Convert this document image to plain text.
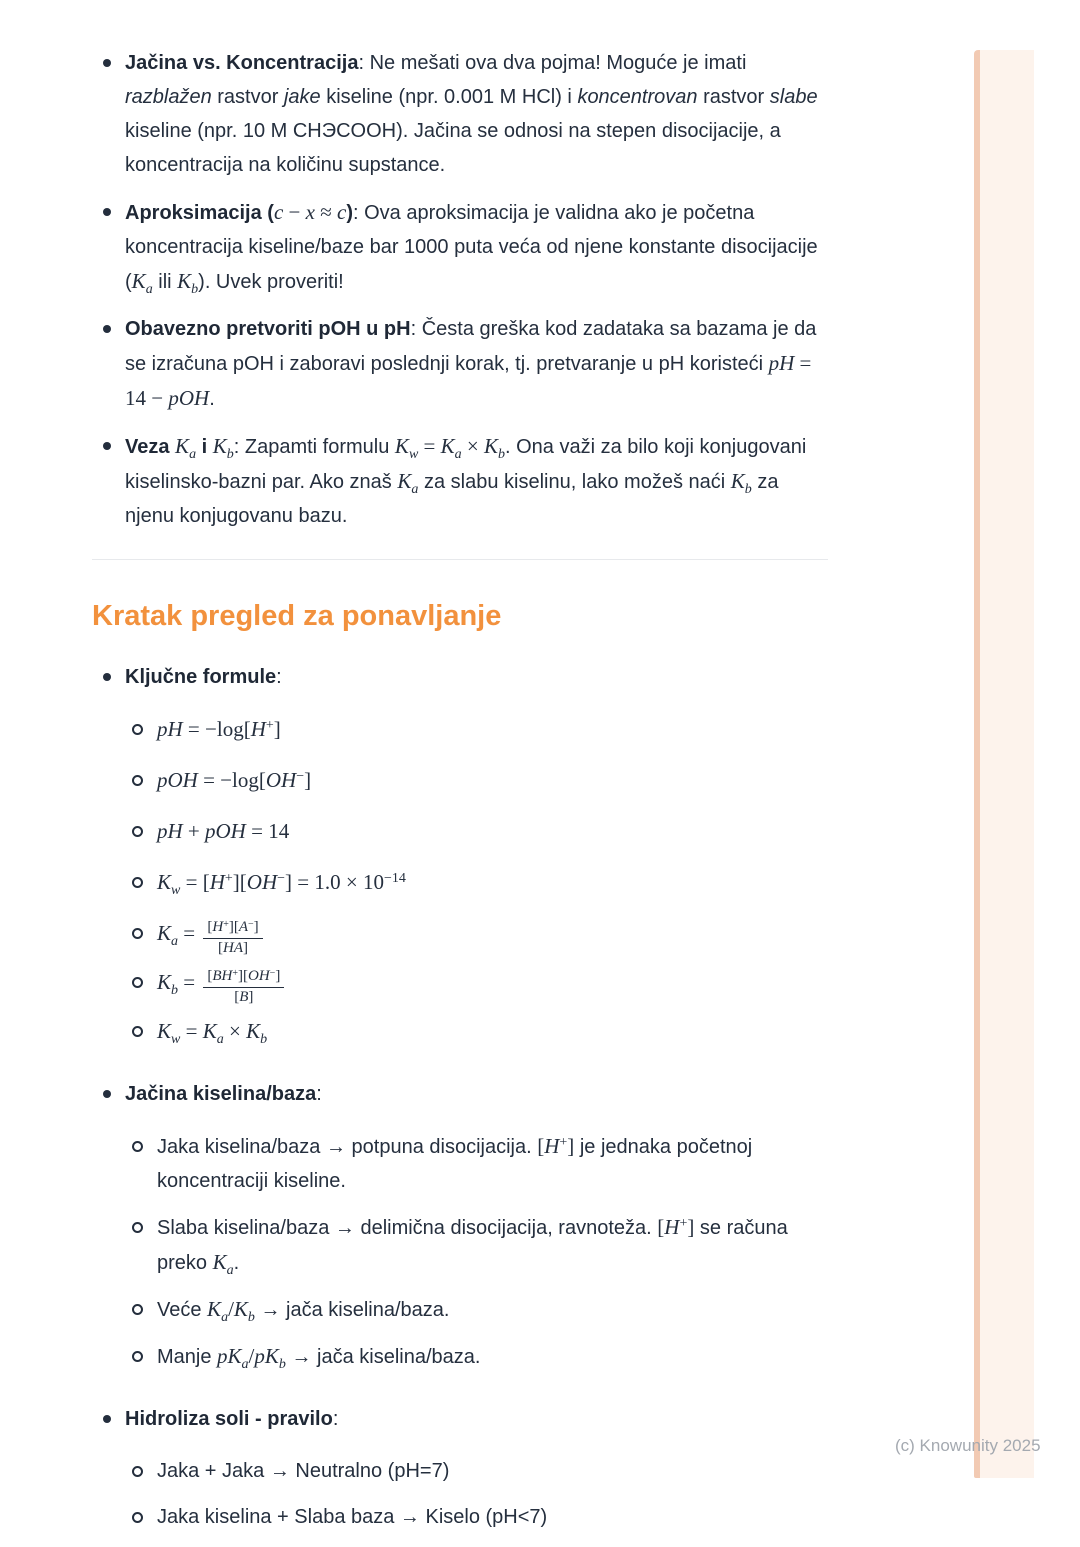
Jačina vs. Koncentracija: Ne mešati ova dva pojma! Moguće je imati razblažen rastvor jake kiseline (npr. 0.001 M HCl) i koncentrovan rastvor slabe kiseline (npr. 10 M CHЭCOOH). Jačina se odnosi na stepen disocijacije, a koncentracija na količinu supstance.
Aproksimacija (c − x ≈ c): Ova aproksimacija je validna ako je početna koncentracija kiseline/baze bar 1000 puta veća od njene konstante disocijacije ($K_a$ ili $K_b$). Uvek proveriti!
Obavezno pretvoriti pOH u pH: Česta greška kod zadataka sa bazama je da se izračuna pOH i zaboravi poslednji korak, tj. pretvaranje u pH koristeći pH = 14 − pOH.
Veza $K_a$ i $K_b$: Zapamti formulu $K_w = K_a \times K_b$. Ona važi za bilo koji konjugovani kiselinsko-bazni par. Ako znaš $K_a$ za slabu kiselinu, lako možeš naći $K_b$ za njenu konjugovanu bazu.
Kratak pregled za ponavljanje
Ključne formule:
pH = −log[H+]
pOH = −log[OH−]
pH + pOH = 14
$K_w = [H^+][OH^-] = 1.0 \times 10^{-14}$
$K_a = \frac{[H^+][A^-]}{[HA]}$
$K_b = \frac{[BH^+][OH^-]}{[B]}$
$K_w = K_a \times K_b$
Jačina kiselina/baza:
Jaka kiselina/baza → potpuna disocijacija. [H+] je jednaka početnoj koncentraciji kiseline.
Slaba kiselina/baza → delimična disocijacija, ravnoteža. [H+] se računa preko $K_a$.
Veće $K_a/K_b$ → jača kiselina/baza.
Manje $pK_a/pK_b$ → jača kiselina/baza.
Hidroliza soli - pravilo:
Jaka + Jaka → Neutralno (pH=7)
Jaka kiselina + Slaba baza → Kiselo (pH<7)
(c) Knowunity 2025
